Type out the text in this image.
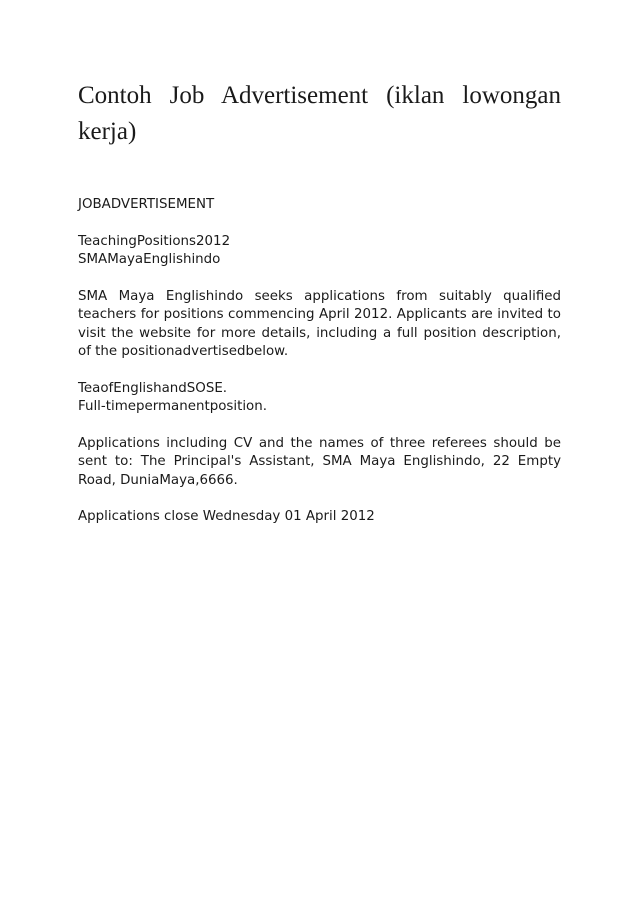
Contoh Job Advertisement (iklan lowongan kerja)

JOBADVERTISEMENT

TeachingPositions2012
SMAMayaEnglishindo

SMA Maya Englishindo seeks applications from suitably qualified teachers for positions commencing April 2012. Applicants are invited to visit the website for more details, including a full position description, of the positionadvertisedbelow.

TeaofEnglishandSOSE.
Full-timepermanentposition.

Applications including CV and the names of three referees should be sent to: The Principal's Assistant, SMA Maya Englishindo, 22 Empty Road, DuniaMaya,6666.

Applications close Wednesday 01 April 2012
